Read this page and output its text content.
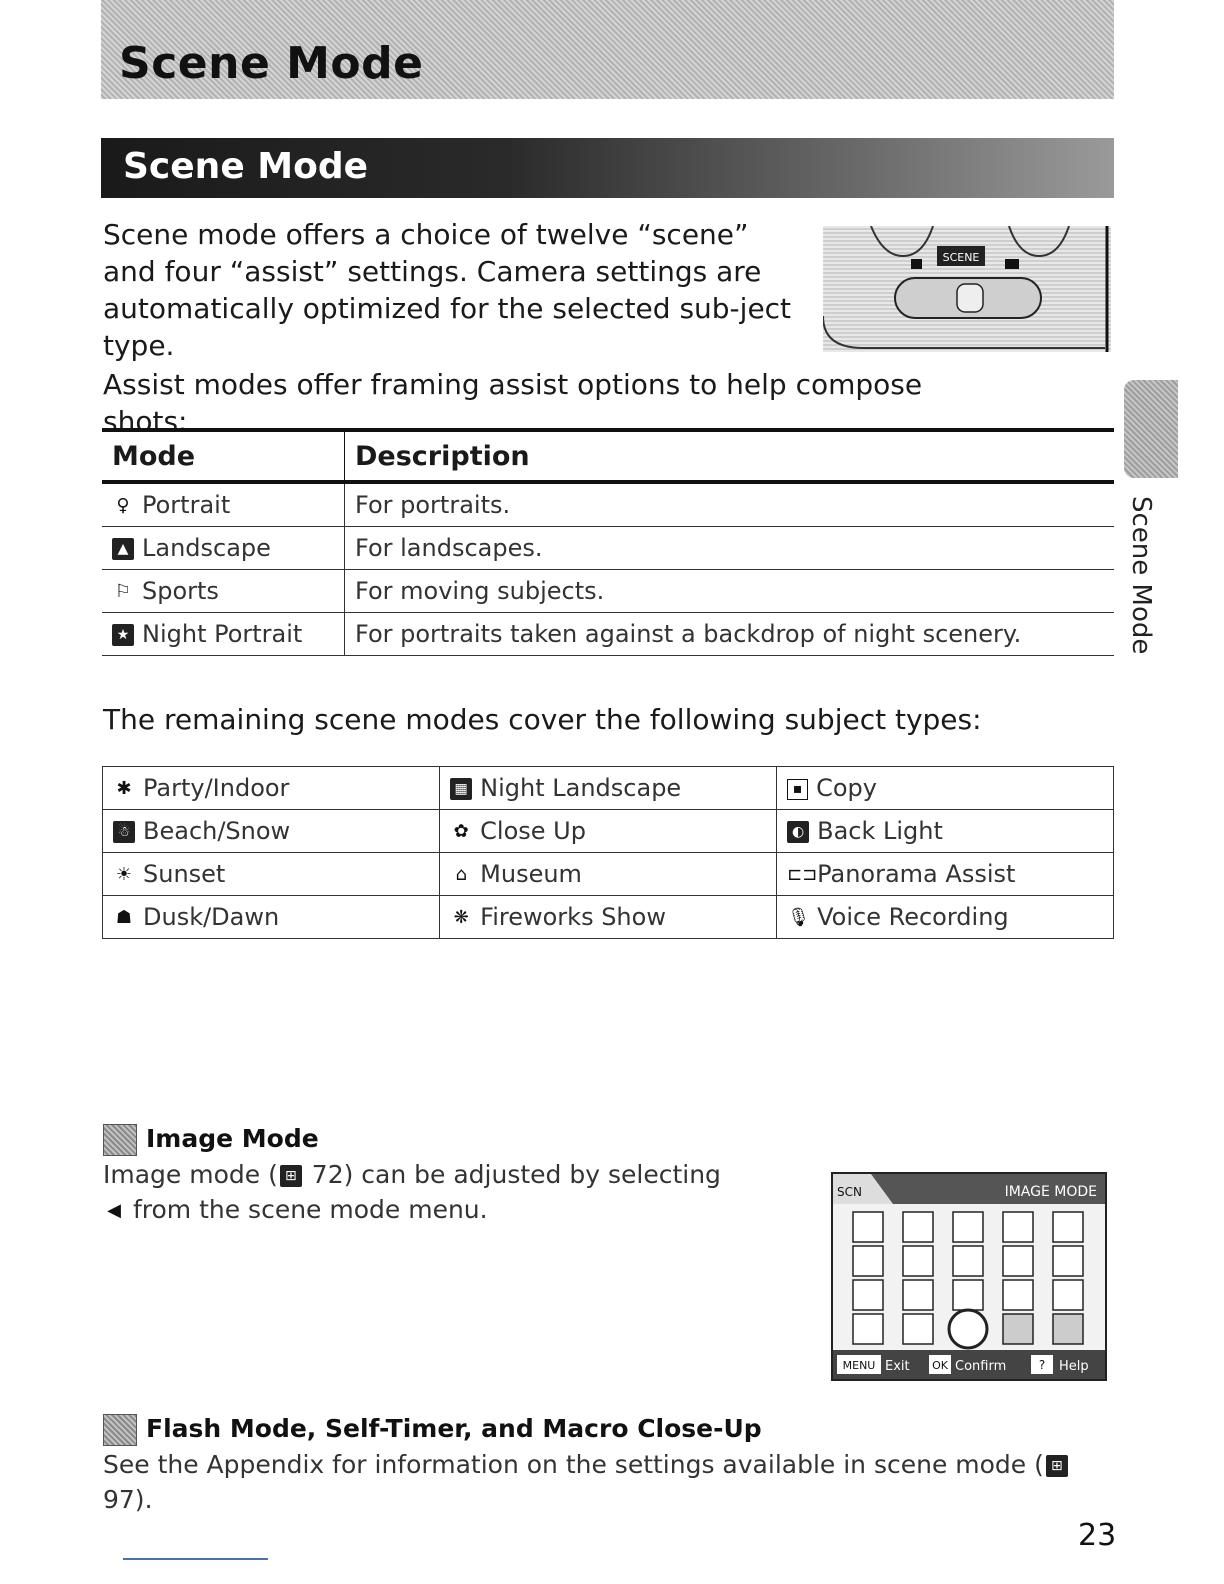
Scene Mode
Scene Mode
Scene mode offers a choice of twelve “scene” and four “assist” settings. Camera settings are automatically optimized for the selected sub-ject type.
Assist modes offer framing assist options to help compose shots:
SCENE
Mode	Description
♀ Portrait	For portraits.
▲ Landscape	For landscapes.
⚐ Sports	For moving subjects.
★ Night Portrait	For portraits taken against a backdrop of night scenery.
The remaining scene modes cover the following subject types:
✱ Party/Indoor	▦ Night Landscape	▪ Copy
☃ Beach/Snow	✿ Close Up	◐ Back Light
☀ Sunset	⌂ Museum	⊏⊐Panorama Assist
☗ Dusk/Dawn	❋ Fireworks Show	🎙 Voice Recording
Image Mode
Image mode ( ⊞ 72) can be adjusted by selecting
◀ from the scene mode menu.
SCN	IMAGE MODE
MENU Exit OK Confirm	? Help
Flash Mode, Self-Timer, and Macro Close-Up
See the Appendix for information on the settings available in scene mode ( ⊞ 97).
Scene Mode
23
